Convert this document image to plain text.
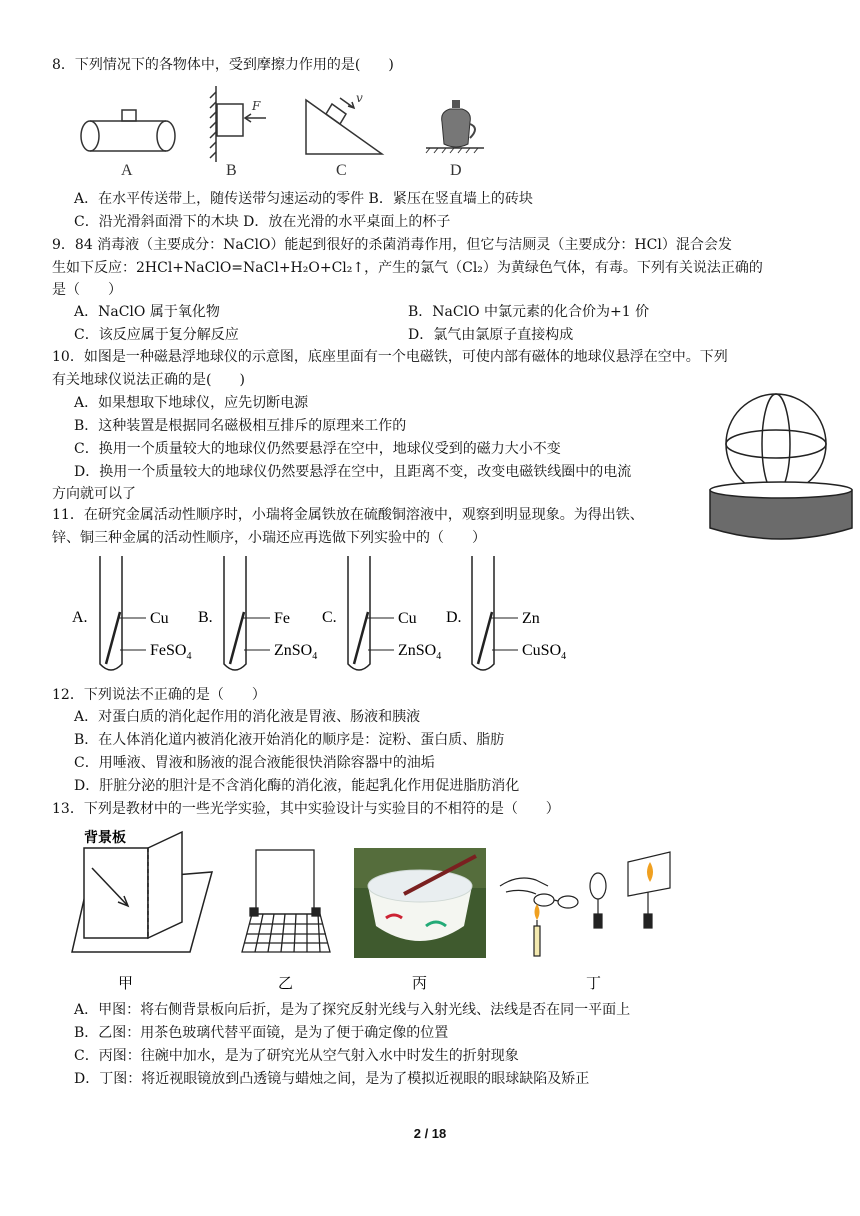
8．下列情况下的各物体中，受到摩擦力作用的是(　　)
A
F
B
v
C	D
A．在水平传送带上，随传送带匀速运动的零件 B．紧压在竖直墙上的砖块
C．沿光滑斜面滑下的木块 D．放在光滑的水平桌面上的杯子
9．84 消毒液（主要成分：NaClO）能起到很好的杀菌消毒作用，但它与洁厕灵（主要成分：HCl）混合会发
生如下反应：2HCl+NaClO=NaCl+H₂O+Cl₂↑，产生的氯气（Cl₂）为黄绿色气体，有毒。下列有关说法正确的
是（　　）
A．NaClO 属于氧化物	B．NaClO 中氯元素的化合价为+1 价
C．该反应属于复分解反应	D．氯气由氯原子直接构成
10．如图是一种磁悬浮地球仪的示意图，底座里面有一个电磁铁，可使内部有磁体的地球仪悬浮在空中。下列
有关地球仪说法正确的是(　　)
A．如果想取下地球仪，应先切断电源
B．这种装置是根据同名磁极相互排斥的原理来工作的
C．换用一个质量较大的地球仪仍然要悬浮在空中，地球仪受到的磁力大小不变
D．换用一个质量较大的地球仪仍然要悬浮在空中，且距离不变，改变电磁铁线圈中的电流
方向就可以了
11．在研究金属活动性顺序时，小瑞将金属铁放在硫酸铜溶液中，观察到明显现象。为得出铁、
锌、铜三种金属的活动性顺序，小瑞还应再选做下列实验中的（　　）
A.	Cu
FeSO$_4$
B.	Fe
ZnSO$_4$
C.	Cu
ZnSO$_4$
D.	Zn
CuSO$_4$
12．下列说法不正确的是（　　）
A．对蛋白质的消化起作用的消化液是胃液、肠液和胰液
B．在人体消化道内被消化液开始消化的顺序是：淀粉、蛋白质、脂肪
C．用唾液、胃液和肠液的混合液能很快消除容器中的油垢
D．肝脏分泌的胆汁是不含消化酶的消化液，能起乳化作用促进脂肪消化
13．下列是教材中的一些光学实验，其中实验设计与实验目的不相符的是（　　）
背景板
甲	乙	丙	丁
A．甲图：将右侧背景板向后折，是为了探究反射光线与入射光线、法线是否在同一平面上
B．乙图：用茶色玻璃代替平面镜，是为了便于确定像的位置
C．丙图：往碗中加水，是为了研究光从空气射入水中时发生的折射现象
D．丁图：将近视眼镜放到凸透镜与蜡烛之间，是为了模拟近视眼的眼球缺陷及矫正
2 / 18
